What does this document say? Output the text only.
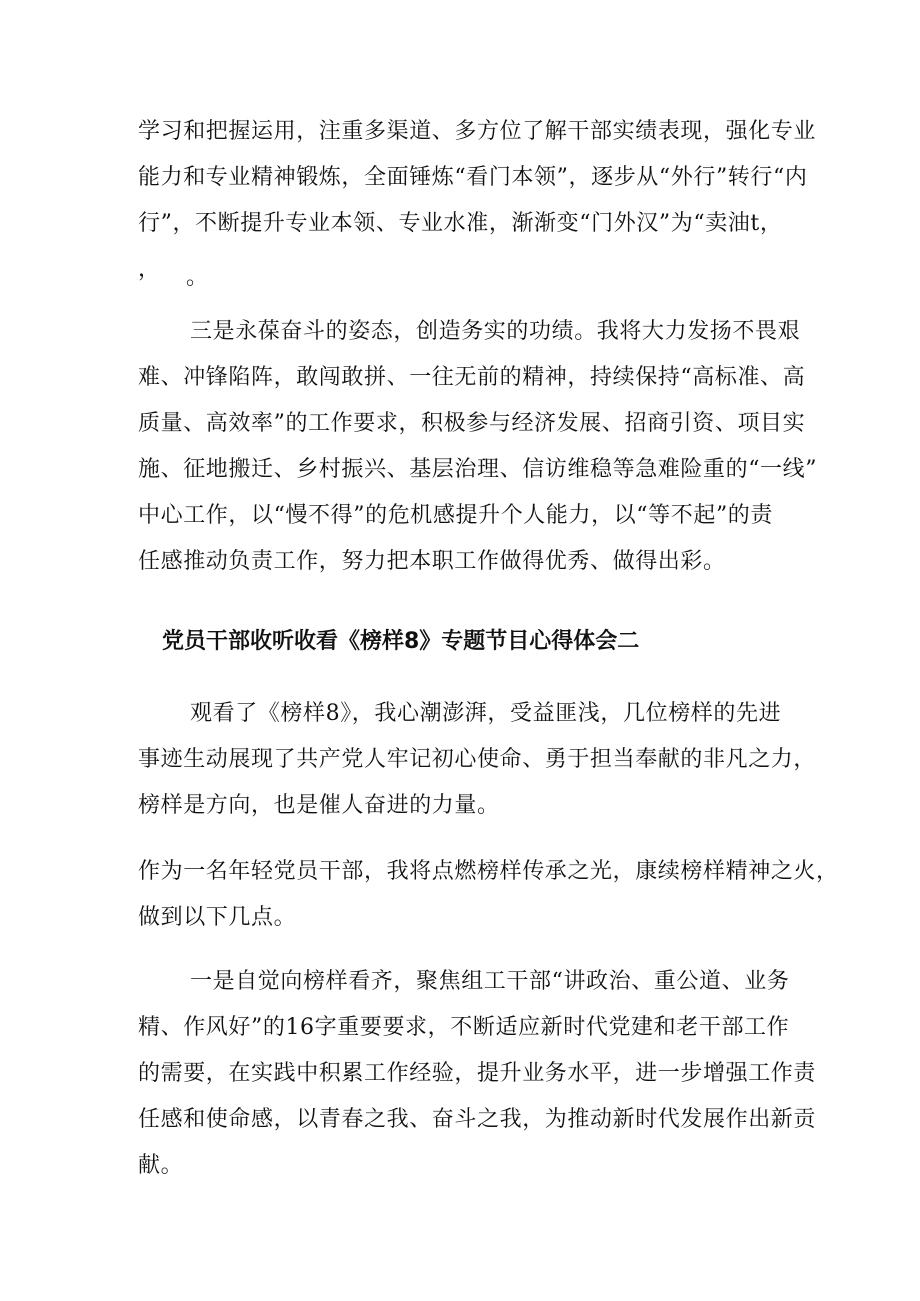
学习和把握运用，注重多渠道、多方位了解干部实绩表现，强化专业
能力和专业精神锻炼，全面锤炼“看门本领”，逐步从“外行”转行“内
行”，不断提升专业本领、专业水准，渐渐变“门外汉”为“卖油t，
， 。
三是永葆奋斗的姿态，创造务实的功绩。我将大力发扬不畏艰
难、冲锋陷阵，敢闯敢拼、一往无前的精神，持续保持“高标准、高
质量、高效率”的工作要求，积极参与经济发展、招商引资、项目实
施、征地搬迁、乡村振兴、基层治理、信访维稳等急难险重的“一线”
中心工作，以“慢不得”的危机感提升个人能力，以“等不起”的责
任感推动负责工作，努力把本职工作做得优秀、做得出彩。
党员干部收听收看《榜样8》专题节目心得体会二
观看了《榜样8》，我心潮澎湃，受益匪浅，几位榜样的先进
事迹生动展现了共产党人牢记初心使命、勇于担当奉献的非凡之力，
榜样是方向，也是催人奋进的力量。
作为一名年轻党员干部，我将点燃榜样传承之光，康续榜样精神之火，
做到以下几点。
一是自觉向榜样看齐，聚焦组工干部“讲政治、重公道、业务
精、作风好”的16字重要要求，不断适应新时代党建和老干部工作
的需要，在实践中积累工作经验，提升业务水平，进一步增强工作责
任感和使命感，以青春之我、奋斗之我，为推动新时代发展作出新贡
献。
